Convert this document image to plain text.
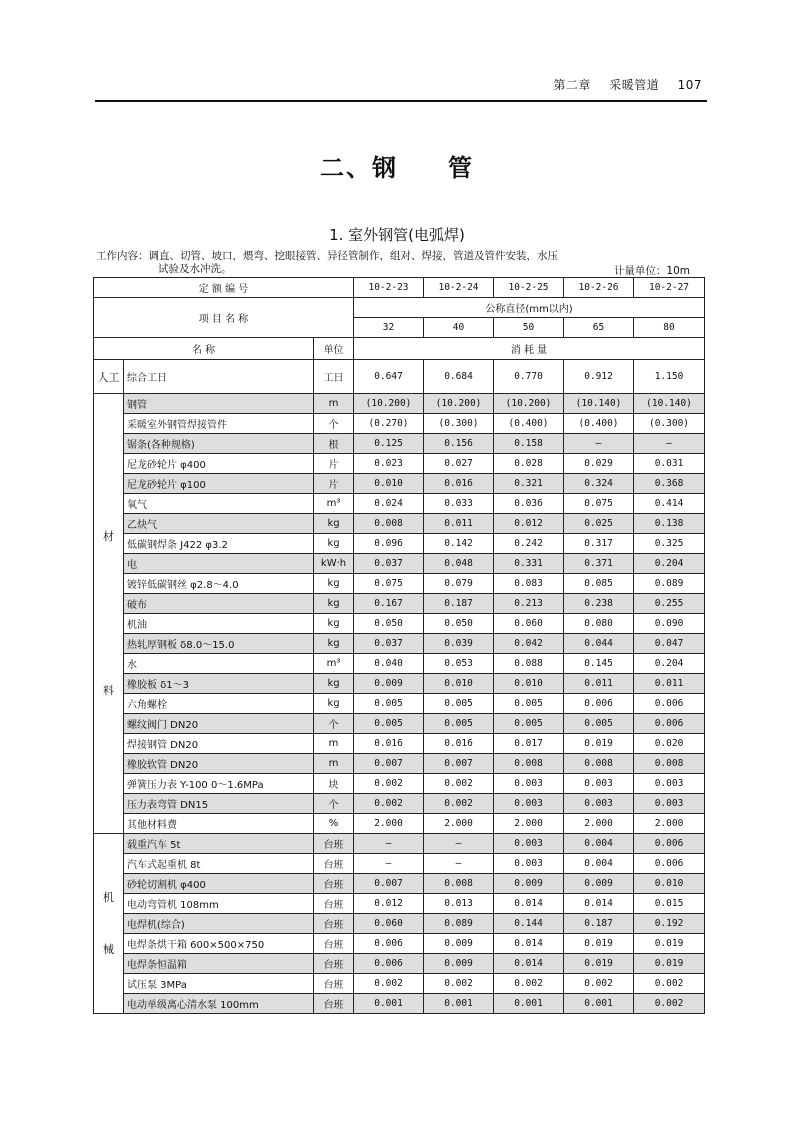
第二章 采暖管道 107
二、钢 管
1. 室外钢管(电弧焊)
工作内容：调直、切管、坡口，煨弯、挖眼接管、异径管制作，组对、焊接，管道及管件安装，水压
试验及水冲洗。	计量单位：10m
定 额 编 号			10-2-23	10-2-24	10-2-25	10-2-26	10-2-27
项 目 名 称			公称直径(mm以内)				
			32	40	50	65	80
名 称		单位	消 耗 量				
人工	综合工日	工日	0.647	0.684	0.770	0.912	1.150

材
料	钢管	m	(10.200)	(10.200)	(10.200)	(10.140)	(10.140)
	采暖室外钢管焊接管件	个	(0.270)	(0.300)	(0.400)	(0.400)	(0.300)
	锯条(各种规格)	根	0.125	0.156	0.158	—	—
	尼龙砂轮片 φ400	片	0.023	0.027	0.028	0.029	0.031
	尼龙砂轮片 φ100	片	0.010	0.016	0.321	0.324	0.368
	氧气	m³	0.024	0.033	0.036	0.075	0.414
	乙炔气	kg	0.008	0.011	0.012	0.025	0.138
	低碳钢焊条 J422 φ3.2	kg	0.096	0.142	0.242	0.317	0.325
	电	kW·h	0.037	0.048	0.331	0.371	0.204
	镀锌低碳钢丝 φ2.8～4.0	kg	0.075	0.079	0.083	0.085	0.089
	破布	kg	0.167	0.187	0.213	0.238	0.255
	机油	kg	0.050	0.050	0.060	0.080	0.090
	热轧厚钢板 δ8.0～15.0	kg	0.037	0.039	0.042	0.044	0.047
	水	m³	0.040	0.053	0.088	0.145	0.204
	橡胶板 δ1～3	kg	0.009	0.010	0.010	0.011	0.011
	六角螺栓	kg	0.005	0.005	0.005	0.006	0.006
	螺纹阀门 DN20	个	0.005	0.005	0.005	0.005	0.006
	焊接钢管 DN20	m	0.016	0.016	0.017	0.019	0.020
	橡胶软管 DN20	m	0.007	0.007	0.008	0.008	0.008
	弹簧压力表 Y-100 0～1.6MPa	块	0.002	0.002	0.003	0.003	0.003
	压力表弯管 DN15	个	0.002	0.002	0.003	0.003	0.003
	其他材料费	%	2.000	2.000	2.000	2.000	2.000

机
械	载重汽车 5t	台班	—	—	0.003	0.004	0.006
	汽车式起重机 8t	台班	—	—	0.003	0.004	0.006
	砂轮切割机 φ400	台班	0.007	0.008	0.009	0.009	0.010
	电动弯管机 108mm	台班	0.012	0.013	0.014	0.014	0.015
	电焊机(综合)	台班	0.060	0.089	0.144	0.187	0.192
	电焊条烘干箱 600×500×750	台班	0.006	0.009	0.014	0.019	0.019
	电焊条恒温箱	台班	0.006	0.009	0.014	0.019	0.019
	试压泵 3MPa	台班	0.002	0.002	0.002	0.002	0.002
	电动单级离心清水泵 100mm	台班	0.001	0.001	0.001	0.001	0.002
